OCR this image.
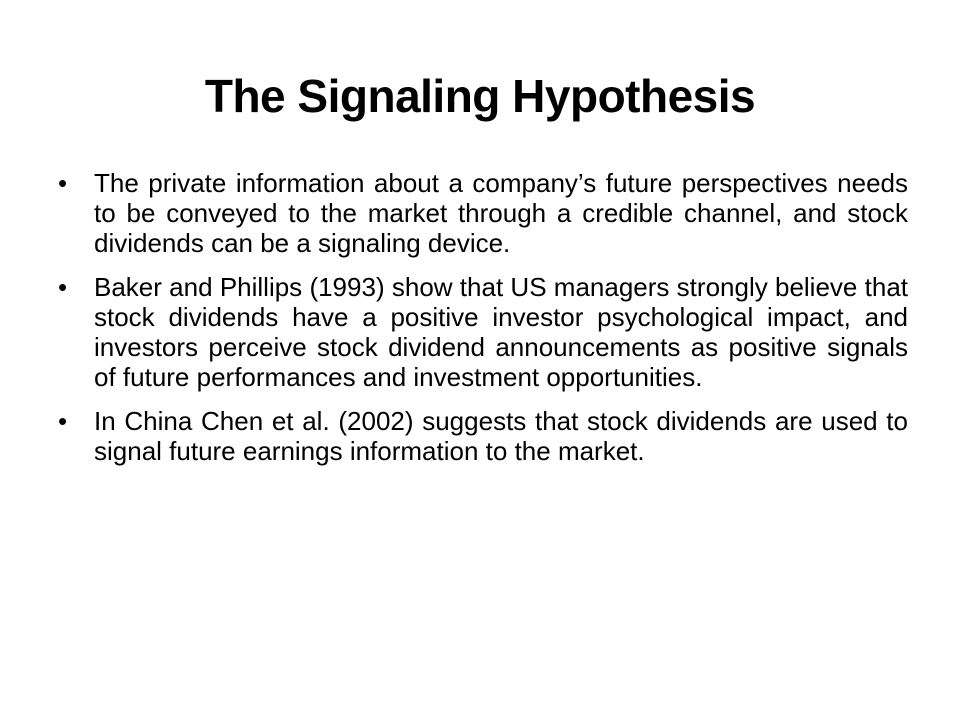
The Signaling Hypothesis
•	The private information about a company’s future perspectives needs to be conveyed to the market through a credible channel, and stock dividends can be a signaling device.
•	Baker and Phillips (1993) show that US managers strongly believe that stock dividends have a positive investor psychological impact, and investors perceive stock dividend announcements as positive signals of future performances and investment opportunities.
•	In China Chen et al. (2002) suggests that stock dividends are used to signal future earnings information to the market.
